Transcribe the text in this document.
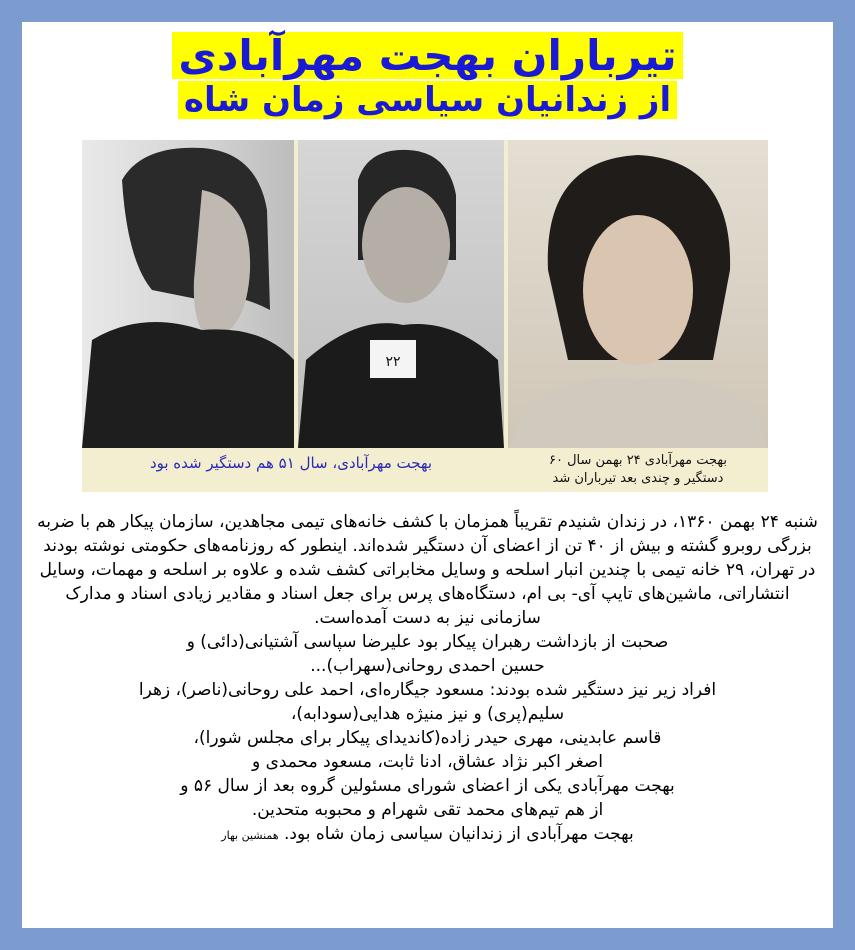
تیرباران بهجت مهرآبادی
از زندانیان سیاسی زمان شاه
۲۲
بهجت مهرآبادی، سال ۵۱ هم دستگیر شده بود	بهجت مهرآبادی ۲۴ بهمن سال ۶۰
دستگیر و چندی بعد تیرباران شد

شنبه ۲۴ بهمن ۱۳۶۰، در زندان شنیدم تقریباً همزمان با کشف خانه‌های تیمی مجاهدین، سازمان پیکار هم با ضربه بزرگی روبرو گشته و بیش از ۴۰ تن از اعضای آن دستگیر شده‌اند. اینطور که روزنامه‌های حکومتی نوشته بودند در تهران، ۲۹ خانه تیمی با چندین انبار اسلحه و وسایل مخابراتی کشف شده و علاوه بر اسلحه و مهمات، وسایل انتشاراتی، ماشین‌های تایپ آی- بی ام، دستگاه‌های پرس برای جعل اسناد و مقادیر زیادی اسناد و مدارک سازمانی نیز به دست آمده‌است.

صحبت از بازداشت رهبران پیکار بود علیرضا سپاسی آشتیانی(دائی) و

حسین احمدی روحانی(سهراب)...

افراد زیر نیز دستگیر شده بودند: مسعود جیگاره‌ای، احمد علی روحانی(ناصر)، زهرا

سلیم(پری) و نیز منیژه هدایی(سودابه)،

قاسم عابدینی، مهری حیدر زاده(کاندیدای پیکار برای مجلس شورا)،

اصغر اکبر نژاد عشاق، ادنا ثابت، مسعود محمدی و

بهجت مهرآبادی یکی از اعضای شورای مسئولین گروه بعد از سال ۵۶ و

از هم تیم‌های محمد تقی شهرام و محبوبه متحدین.

بهجت مهرآبادی از زندانیان سیاسی زمان شاه بود. همنشین بهار
